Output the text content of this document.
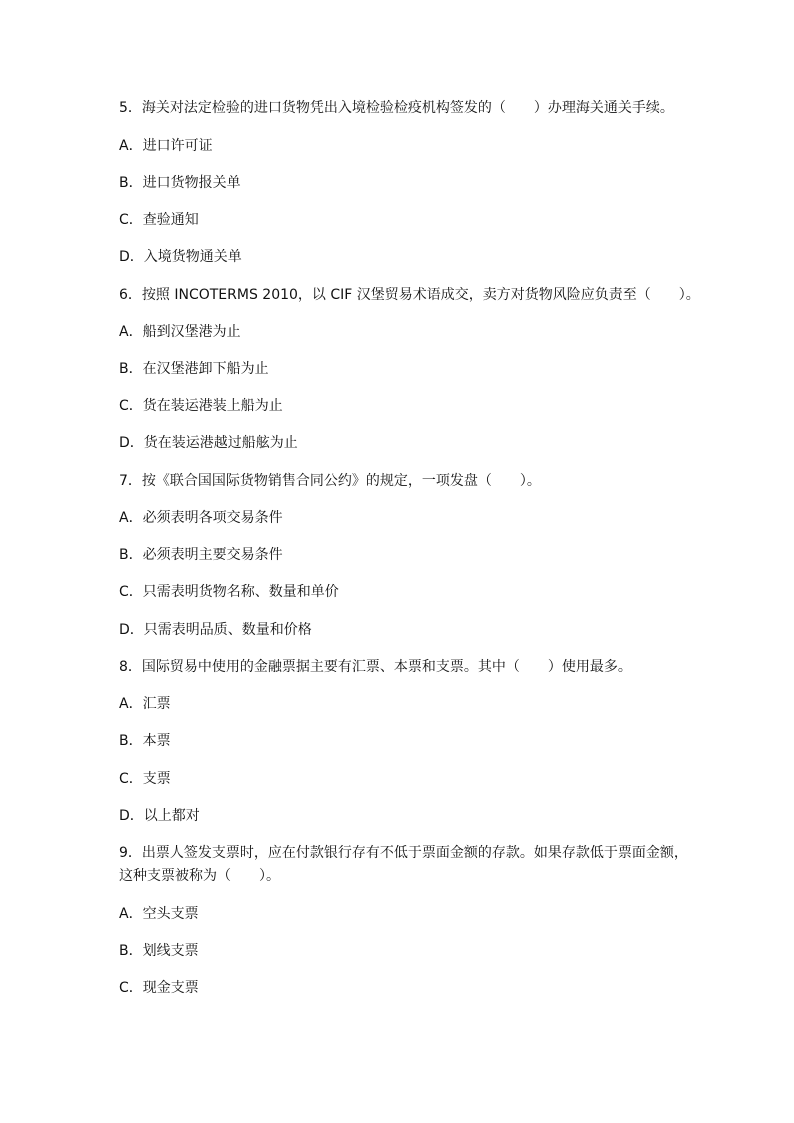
5．海关对法定检验的进口货物凭出入境检验检疫机构签发的（　　）办理海关通关手续。
A．进口许可证
B．进口货物报关单
C．查验通知
D．入境货物通关单
6．按照 INCOTERMS 2010，以 CIF 汉堡贸易术语成交，卖方对货物风险应负责至（　　）。
A．船到汉堡港为止
B．在汉堡港卸下船为止
C．货在装运港装上船为止
D．货在装运港越过船舷为止
7．按《联合国国际货物销售合同公约》的规定，一项发盘（　　）。
A．必须表明各项交易条件
B．必须表明主要交易条件
C．只需表明货物名称、数量和单价
D．只需表明品质、数量和价格
8．国际贸易中使用的金融票据主要有汇票、本票和支票。其中（　　）使用最多。
A．汇票
B．本票
C．支票
D．以上都对
9．出票人签发支票时，应在付款银行存有不低于票面金额的存款。如果存款低于票面金额，
这种支票被称为（　　）。
A．空头支票
B．划线支票
C．现金支票
